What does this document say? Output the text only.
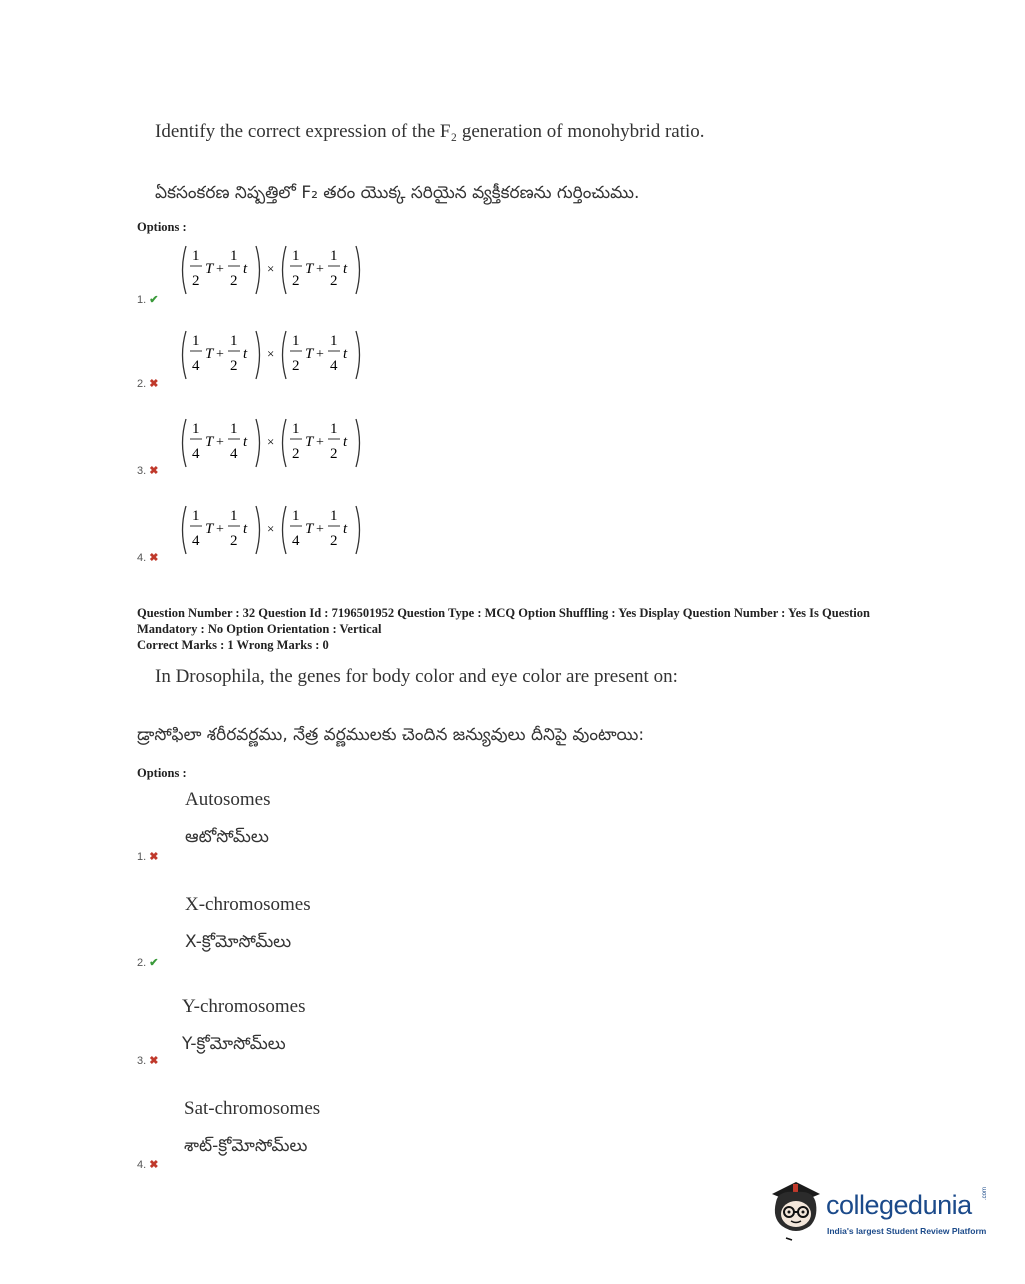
Identify the correct expression of the F₂ generation of monohybrid ratio.
ఏకసంకరణ నిష్పత్తిలో F₂ తరం యొక్క సరియైన వ్యక్తీకరణను గుర్తించుము.
Options :
1
2
T +
1
2
t ×
1
2
T +
1
2
t
1. ✔
1
4
T +
1
2
t ×
1
2
T +
1
4
t
2. ✖
1
4
T +
1
4
t ×
1
2
T +
1
2
t
3. ✖
1
4
T +
1
2
t ×
1
4
T +
1
2
t
4. ✖
Question Number : 32 Question Id : 7196501952 Question Type : MCQ Option Shuffling : Yes Display Question Number : Yes Is Question Mandatory : No Option Orientation : Vertical
Correct Marks : 1 Wrong Marks : 0
In Drosophila, the genes for body color and eye color are present on:
డ్రాసోఫిలా శరీరవర్ణము, నేత్ర వర్ణములకు చెందిన జన్యువులు దీనిపై వుంటాయి:
Options :
Autosomes
ఆటోసోమ్‌లు
1. ✖
X-chromosomes
X-క్రోమోసోమ్‌లు
2. ✔
Y-chromosomes
Y-క్రోమోసోమ్‌లు
3. ✖
Sat-chromosomes
శాట్-క్రోమోసోమ్‌లు
4. ✖
collegedunia .com
India's largest Student Review Platform
